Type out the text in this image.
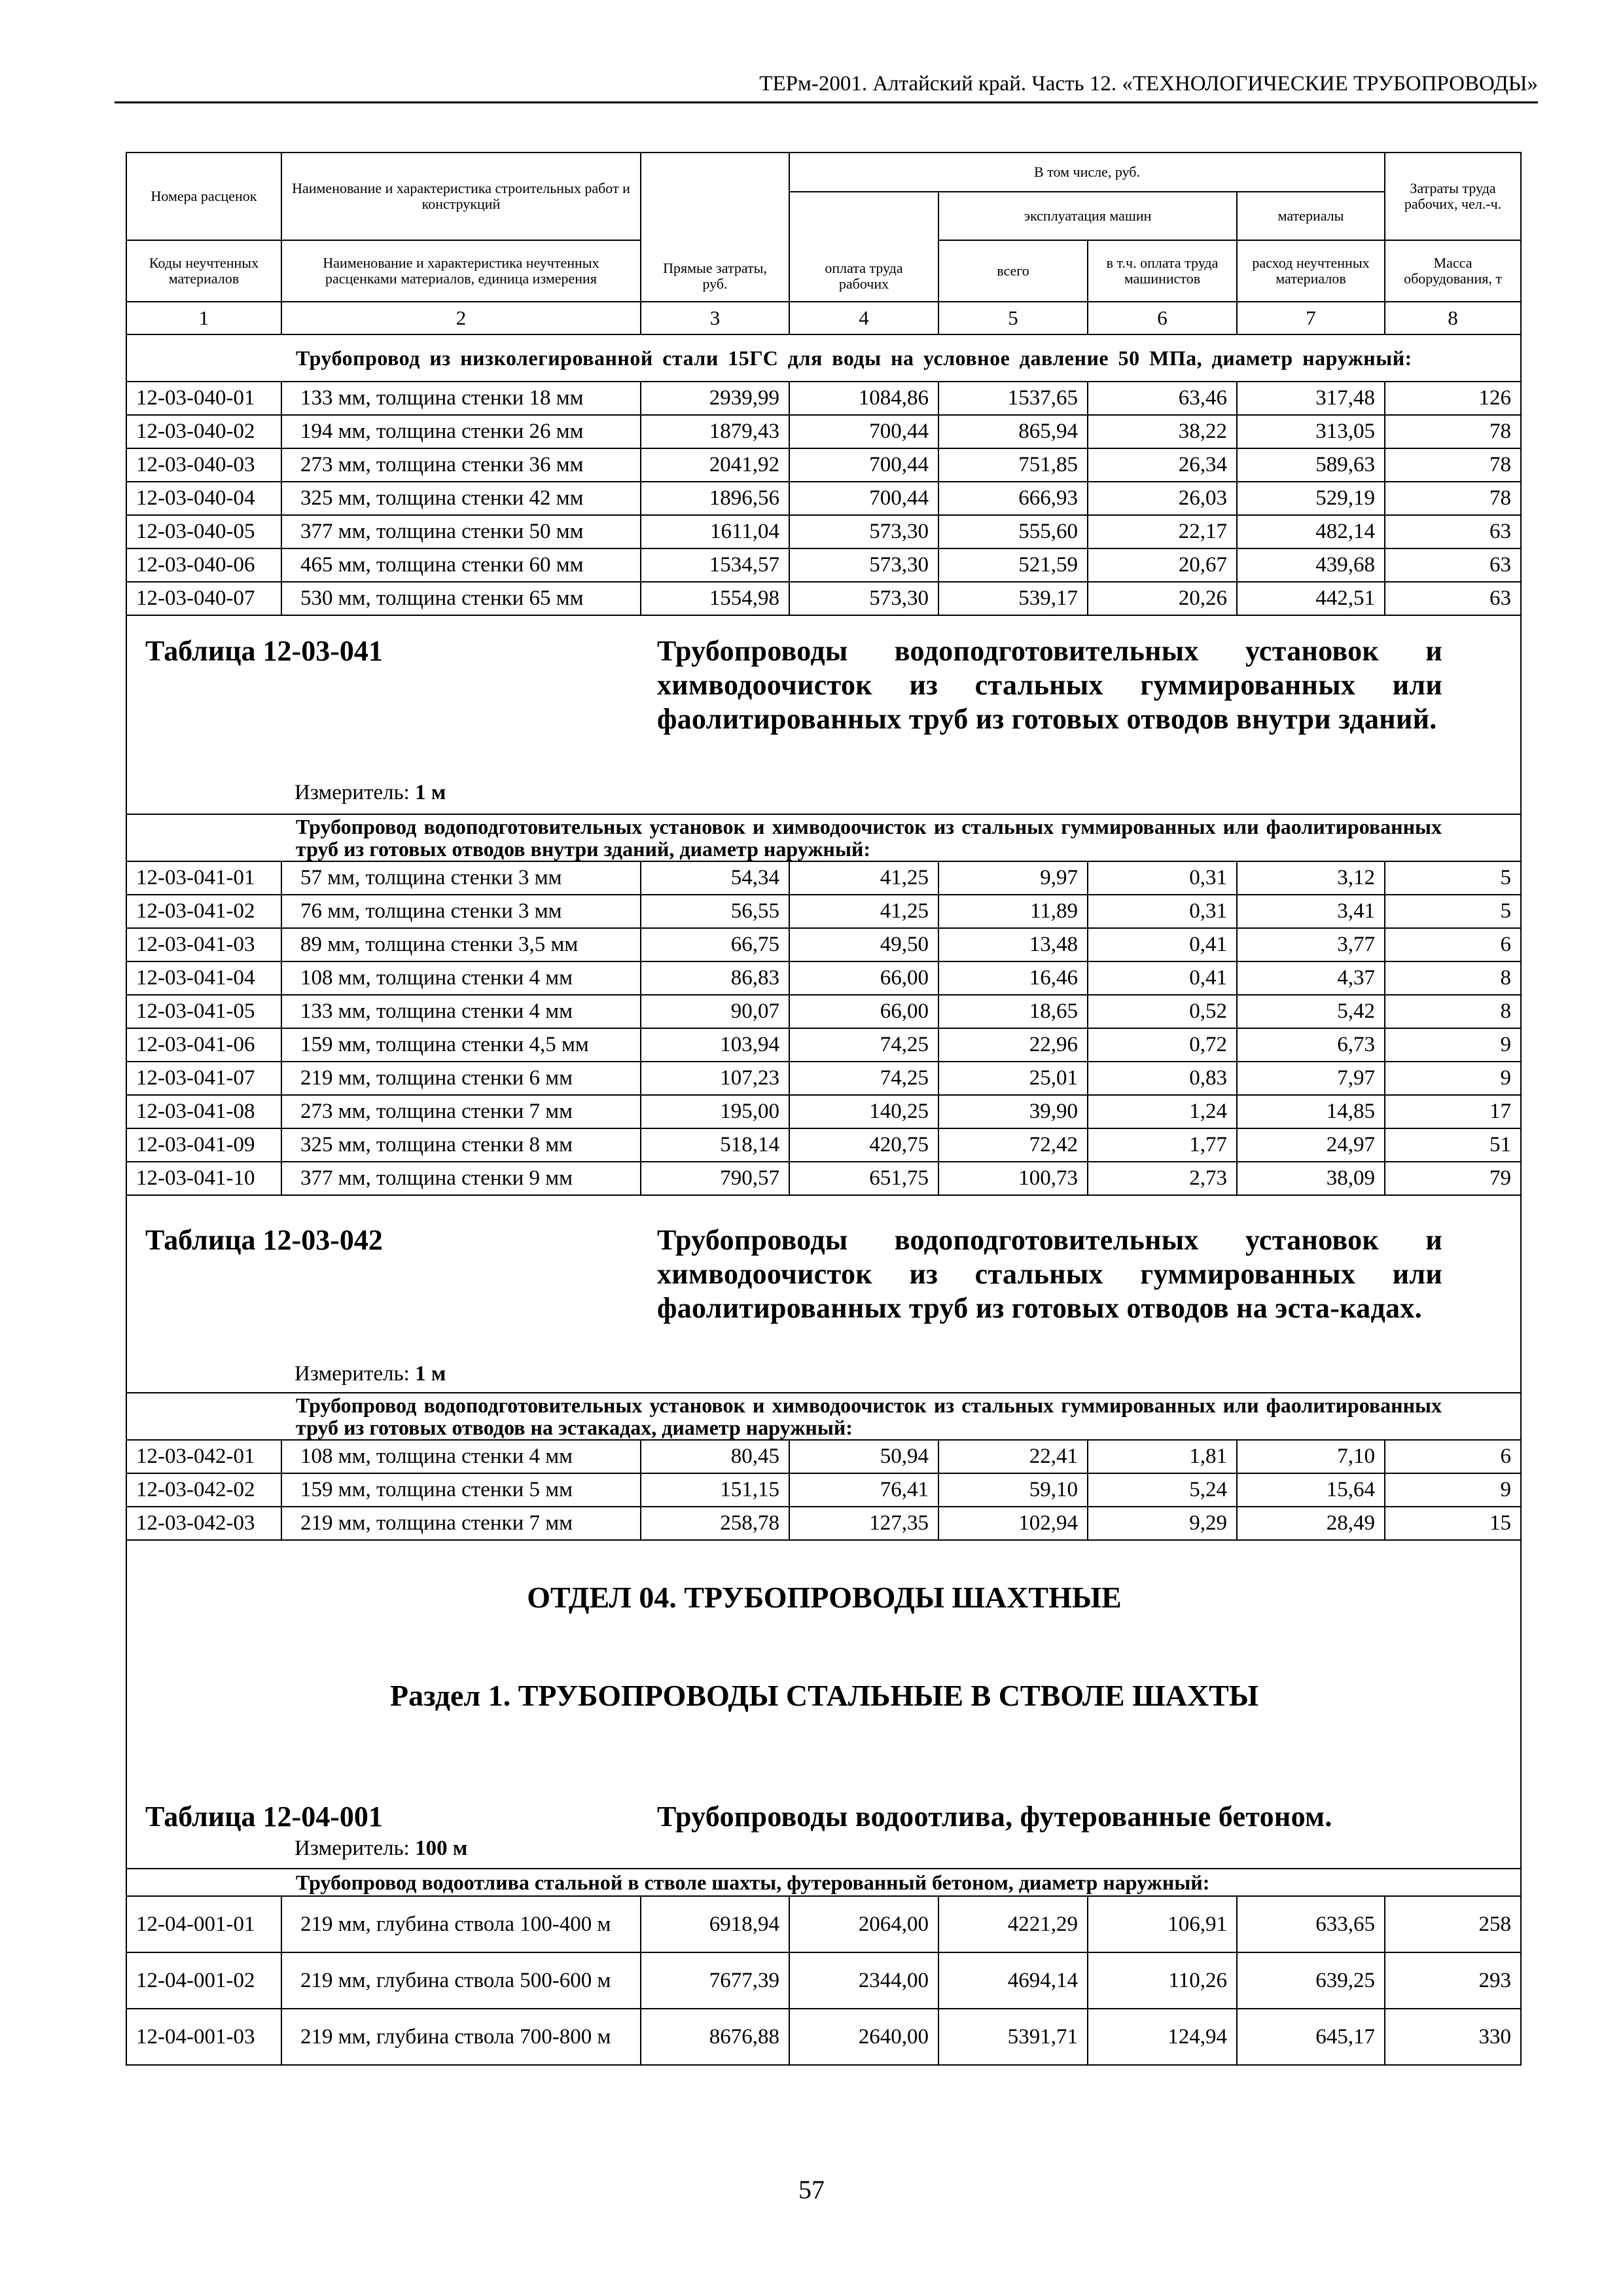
ТЕРм-2001. Алтайский край. Часть 12. «ТЕХНОЛОГИЧЕСКИЕ ТРУБОПРОВОДЫ»
Номера расценок	Наименование и характеристика строительных работ и конструкций	Прямые затраты, руб.	В том числе, руб.				Затраты труда рабочих, чел.-ч.
			оплата труда рабочих	эксплуатация машин		материалы	
Коды неучтенных материалов	Наименование и характеристика неучтенных расценками материалов, единица измерения			всего	в т.ч. оплата труда машинистов	расход неучтенных материалов	Масса оборудования, т
1	2	3	4	5	6	7	8
	Трубопровод из низколегированной стали 15ГС для воды на условное давление 50 МПа, диаметр наружный:						
12-03-040-01	133 мм, толщина стенки 18 мм	2939,99	1084,86	1537,65	63,46	317,48	126
12-03-040-02	194 мм, толщина стенки 26 мм	1879,43	700,44	865,94	38,22	313,05	78
12-03-040-03	273 мм, толщина стенки 36 мм	2041,92	700,44	751,85	26,34	589,63	78
12-03-040-04	325 мм, толщина стенки 42 мм	1896,56	700,44	666,93	26,03	529,19	78
12-03-040-05	377 мм, толщина стенки 50 мм	1611,04	573,30	555,60	22,17	482,14	63
12-03-040-06	465 мм, толщина стенки 60 мм	1534,57	573,30	521,59	20,67	439,68	63
12-03-040-07	530 мм, толщина стенки 65 мм	1554,98	573,30	539,17	20,26	442,51	63

Таблица 12-03-041 Трубопроводы водоподготовительных установок и химводоочисток из стальных гуммированных или фаолитированных труб из готовых отводов внутри зданий.
Измеритель: 1 м							

	Трубопровод водоподготовительных установок и химводоочисток из стальных гуммированных или фаолитированных труб из готовых отводов внутри зданий, диаметр наружный:						
12-03-041-01	57 мм, толщина стенки 3 мм	54,34	41,25	9,97	0,31	3,12	5
12-03-041-02	76 мм, толщина стенки 3 мм	56,55	41,25	11,89	0,31	3,41	5
12-03-041-03	89 мм, толщина стенки 3,5 мм	66,75	49,50	13,48	0,41	3,77	6
12-03-041-04	108 мм, толщина стенки 4 мм	86,83	66,00	16,46	0,41	4,37	8
12-03-041-05	133 мм, толщина стенки 4 мм	90,07	66,00	18,65	0,52	5,42	8
12-03-041-06	159 мм, толщина стенки 4,5 мм	103,94	74,25	22,96	0,72	6,73	9
12-03-041-07	219 мм, толщина стенки 6 мм	107,23	74,25	25,01	0,83	7,97	9
12-03-041-08	273 мм, толщина стенки 7 мм	195,00	140,25	39,90	1,24	14,85	17
12-03-041-09	325 мм, толщина стенки 8 мм	518,14	420,75	72,42	1,77	24,97	51
12-03-041-10	377 мм, толщина стенки 9 мм	790,57	651,75	100,73	2,73	38,09	79

Таблица 12-03-042 Трубопроводы водоподготовительных установок и химводоочисток из стальных гуммированных или фаолитированных труб из готовых отводов на эста-кадах.
Измеритель: 1 м							

	Трубопровод водоподготовительных установок и химводоочисток из стальных гуммированных или фаолитированных труб из готовых отводов на эстакадах, диаметр наружный:						
12-03-042-01	108 мм, толщина стенки 4 мм	80,45	50,94	22,41	1,81	7,10	6
12-03-042-02	159 мм, толщина стенки 5 мм	151,15	76,41	59,10	5,24	15,64	9
12-03-042-03	219 мм, толщина стенки 7 мм	258,78	127,35	102,94	9,29	28,49	15

ОТДЕЛ 04. ТРУБОПРОВОДЫ ШАХТНЫЕ
Раздел 1. ТРУБОПРОВОДЫ СТАЛЬНЫЕ В СТВОЛЕ ШАХТЫ
Таблица 12-04-001 Трубопроводы водоотлива, футерованные бетоном.
Измеритель: 100 м							

	Трубопровод водоотлива стальной в стволе шахты, футерованный бетоном, диаметр наружный:						
12-04-001-01	219 мм, глубина ствола 100-400 м	6918,94	2064,00	4221,29	106,91	633,65	258
12-04-001-02	219 мм, глубина ствола 500-600 м	7677,39	2344,00	4694,14	110,26	639,25	293
12-04-001-03	219 мм, глубина ствола 700-800 м	8676,88	2640,00	5391,71	124,94	645,17	330
57
